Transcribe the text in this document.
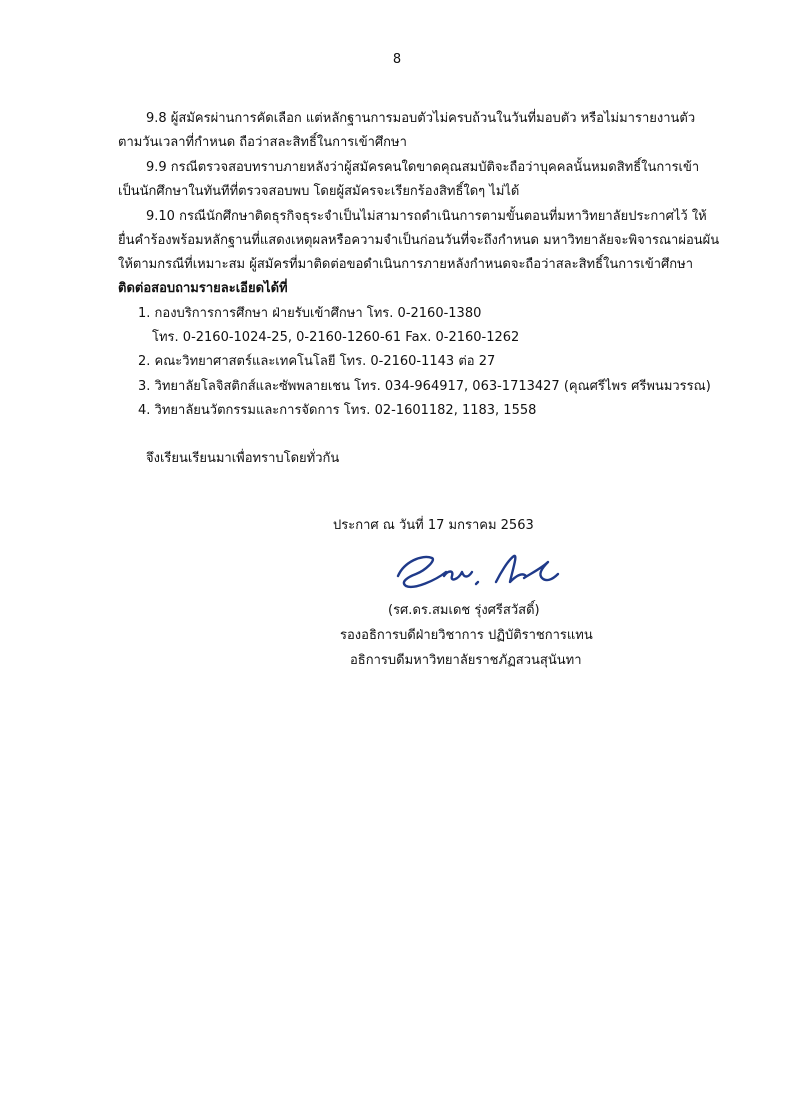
8
9.8 ผู้สมัครผ่านการคัดเลือก แต่หลักฐานการมอบตัวไม่ครบถ้วนในวันที่มอบตัว หรือไม่มารายงานตัว
ตามวันเวลาที่กำหนด ถือว่าสละสิทธิ์ในการเข้าศึกษา
9.9 กรณีตรวจสอบทราบภายหลังว่าผู้สมัครคนใดขาดคุณสมบัติจะถือว่าบุคคลนั้นหมดสิทธิ์ในการเข้า
เป็นนักศึกษาในทันทีที่ตรวจสอบพบ โดยผู้สมัครจะเรียกร้องสิทธิ์ใดๆ ไม่ได้
9.10 กรณีนักศึกษาติดธุรกิจธุระจำเป็นไม่สามารถดำเนินการตามขั้นตอนที่มหาวิทยาลัยประกาศไว้ ให้
ยื่นคำร้องพร้อมหลักฐานที่แสดงเหตุผลหรือความจำเป็นก่อนวันที่จะถึงกำหนด มหาวิทยาลัยจะพิจารณาผ่อนผัน
ให้ตามกรณีที่เหมาะสม ผู้สมัครที่มาติดต่อขอดำเนินการภายหลังกำหนดจะถือว่าสละสิทธิ์ในการเข้าศึกษา
ติดต่อสอบถามรายละเอียดได้ที่
1. กองบริการการศึกษา ฝ่ายรับเข้าศึกษา โทร. 0-2160-1380
โทร. 0-2160-1024-25, 0-2160-1260-61 Fax. 0-2160-1262
2. คณะวิทยาศาสตร์และเทคโนโลยี โทร. 0-2160-1143 ต่อ 27
3. วิทยาลัยโลจิสติกส์และซัพพลายเชน โทร. 034-964917, 063-1713427 (คุณศรีไพร ศรีพนมวรรณ)
4. วิทยาลัยนวัตกรรมและการจัดการ โทร. 02-1601182, 1183, 1558
จึงเรียนเรียนมาเพื่อทราบโดยทั่วกัน
ประกาศ ณ วันที่ 17 มกราคม 2563
(รศ.ดร.สมเดช รุ่งศรีสวัสดิ์)
รองอธิการบดีฝ่ายวิชาการ ปฏิบัติราชการแทน
อธิการบดีมหาวิทยาลัยราชภัฏสวนสุนันทา
